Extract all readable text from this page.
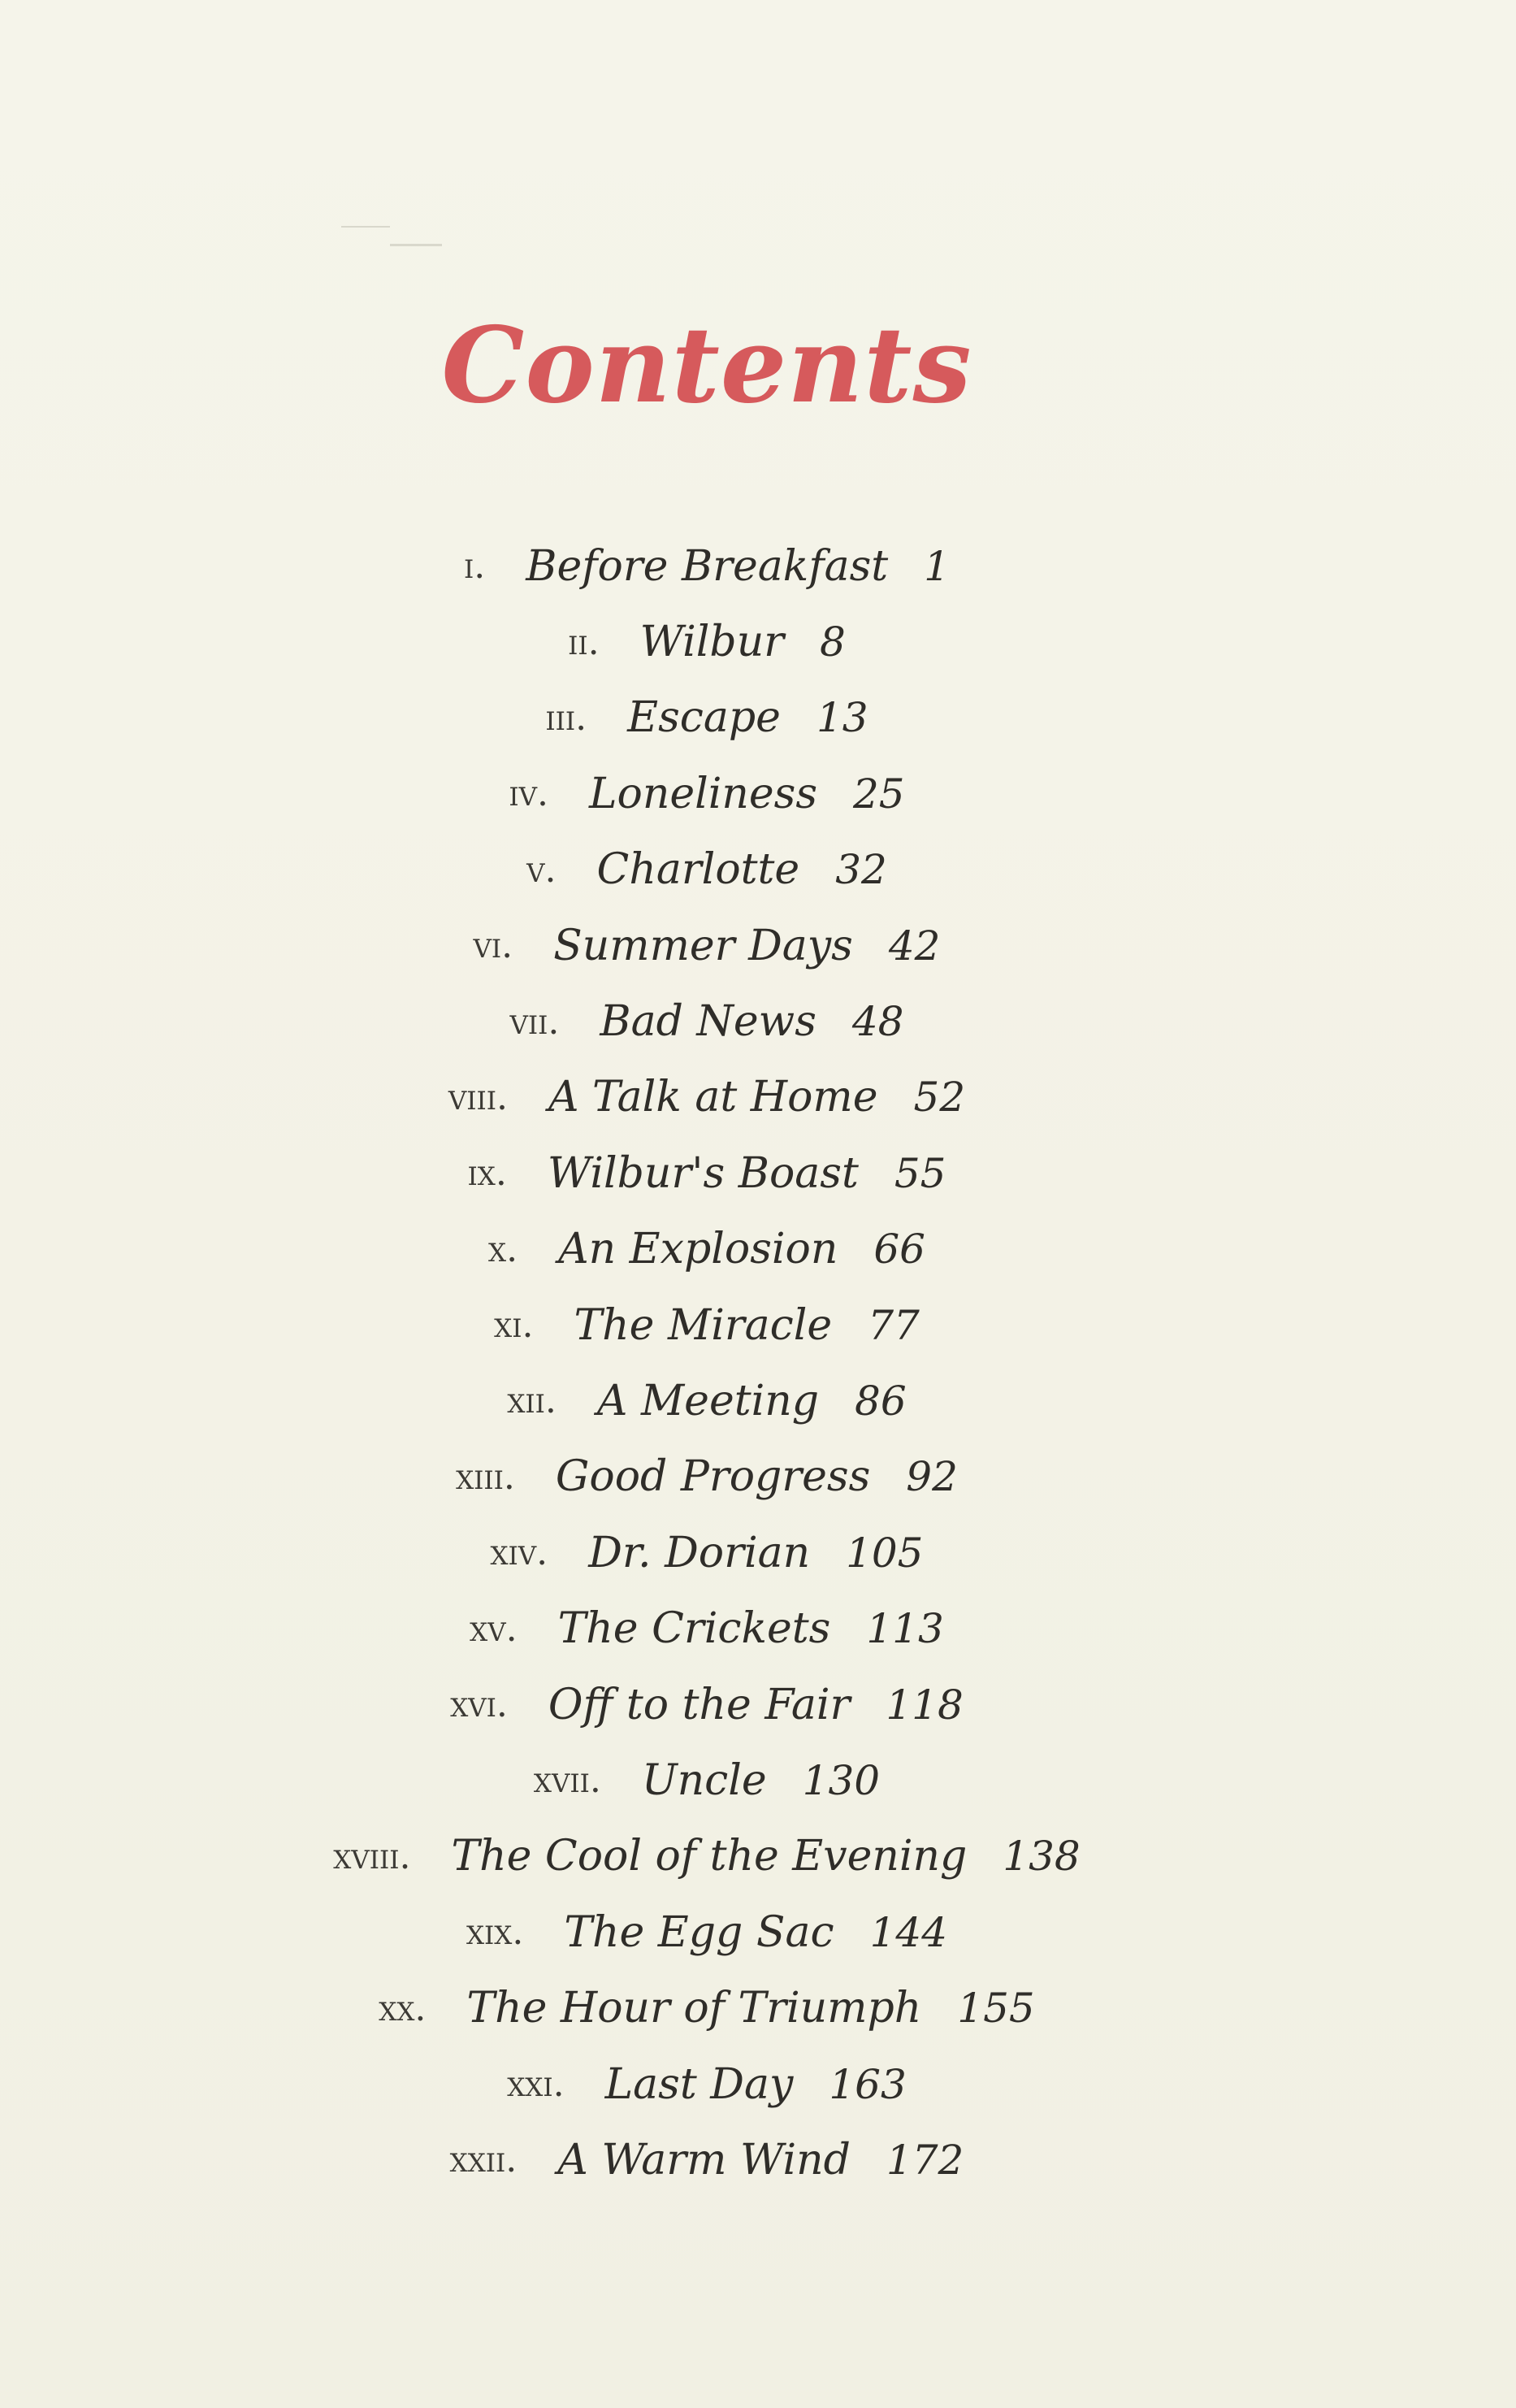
Contents
i. Before Breakfast 1
ii. Wilbur 8
iii. Escape 13
iv. Loneliness 25
v. Charlotte 32
vi. Summer Days 42
vii. Bad News 48
viii. A Talk at Home 52
ix. Wilbur's Boast 55
x. An Explosion 66
xi. The Miracle 77
xii. A Meeting 86
xiii. Good Progress 92
xiv. Dr. Dorian 105
xv. The Crickets 113
xvi. Off to the Fair 118
xvii. Uncle 130
xviii. The Cool of the Evening 138
xix. The Egg Sac 144
xx. The Hour of Triumph 155
xxi. Last Day 163
xxii. A Warm Wind 172
